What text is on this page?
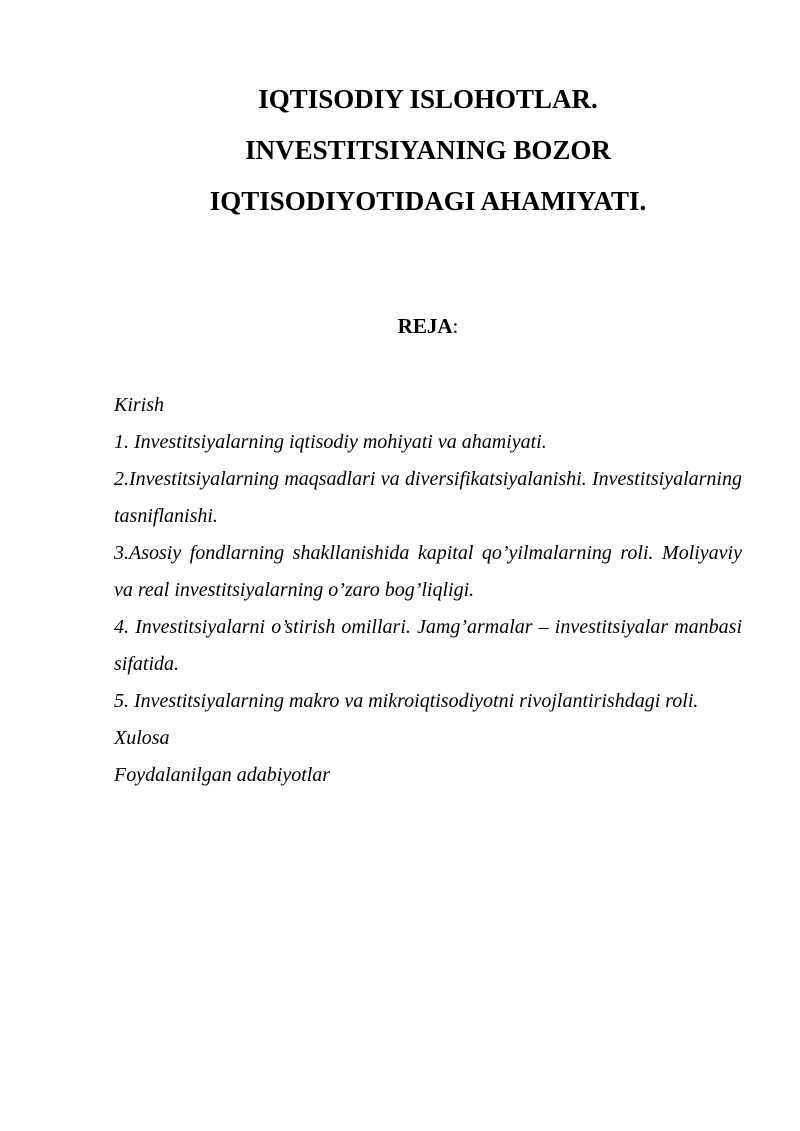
IQTISODIY ISLOHOTLAR.
INVESTITSIYANING BOZOR
IQTISODIYOTIDAGI AHAMIYATI.
REJA:

Kirish

1. Investitsiyalarning iqtisodiy mohiyati va ahamiyati.

2.Investitsiyalarning maqsadlari va diversifikatsiyalanishi. Investitsiyalarning tasniflanishi.

3.Asosiy fondlarning shakllanishida kapital qo’yilmalarning roli. Moliyaviy va real investitsiyalarning o’zaro bog’liqligi.

4. Investitsiyalarni o’stirish omillari. Jamg’armalar – investitsiyalar manbasi sifatida.

5. Investitsiyalarning makro va mikroiqtisodiyotni rivojlantirishdagi roli.

Xulosa

Foydalanilgan adabiyotlar
